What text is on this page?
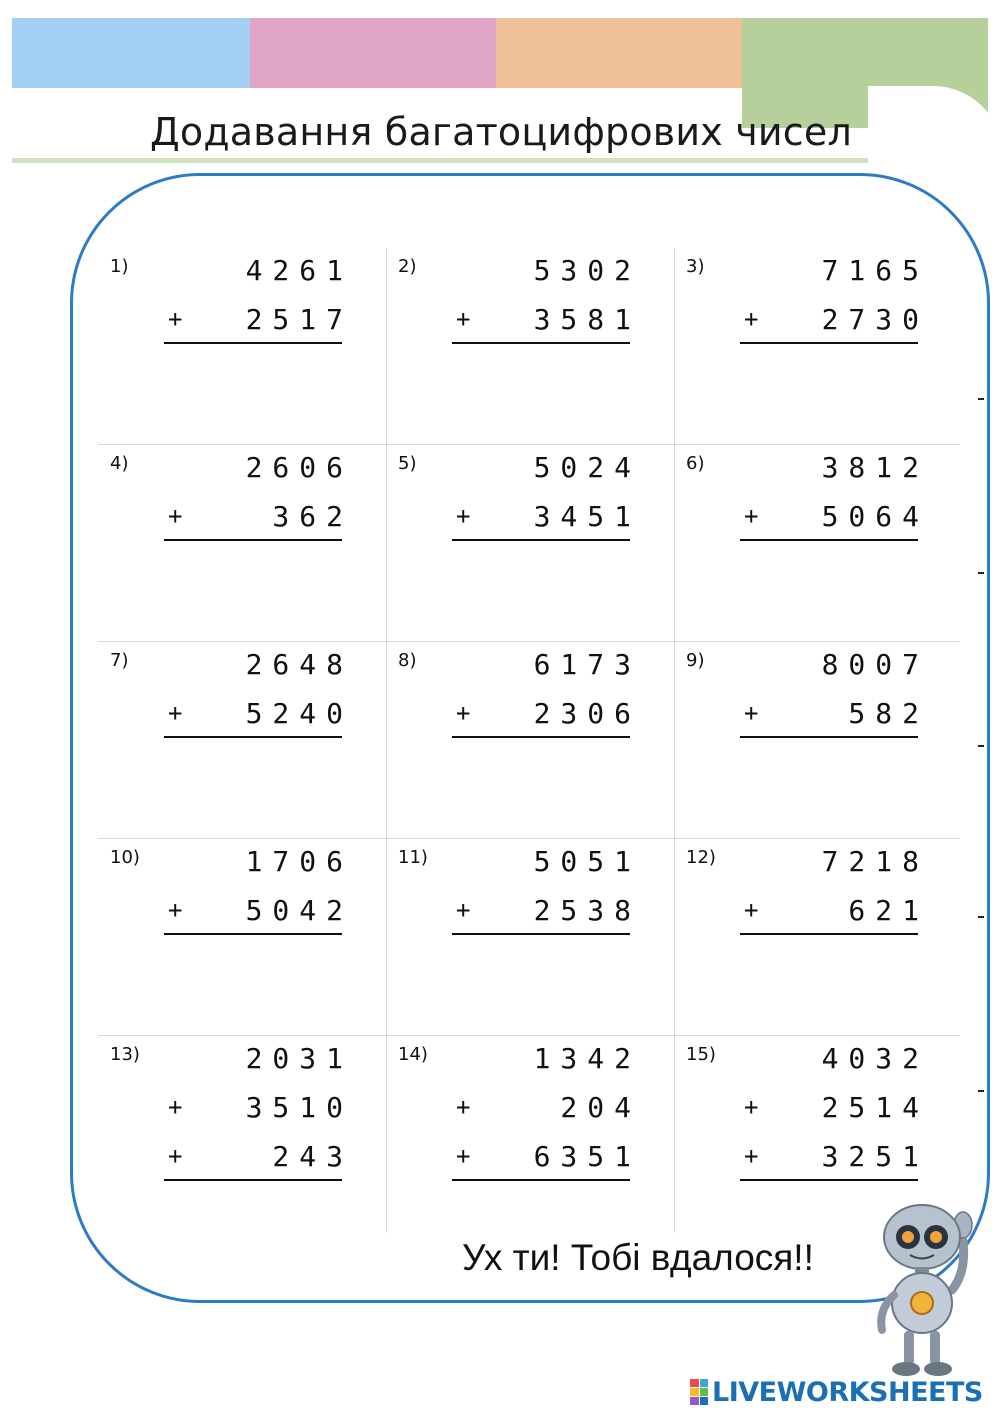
Додавання багатоцифрових чисел
1)	4261
+ 2517
2)	5302
+ 3581
3)	7165
+ 2730
4)	2606
+	362
5)	5024
+ 3451
6)	3812
+ 5064
7)	2648
+ 5240
8)	6173
+ 2306
9)	8007
+	582
10)	1706
+ 5042
11)	5051
+ 2538
12)	7218
+	621
13)	2031
+ 3510
+	243
14)	1342
+	204
+ 6351
15)	4032
+ 2514
+ 3251
Ух ти! Тобі вдалося!!
LIVEWORKSHEETS
